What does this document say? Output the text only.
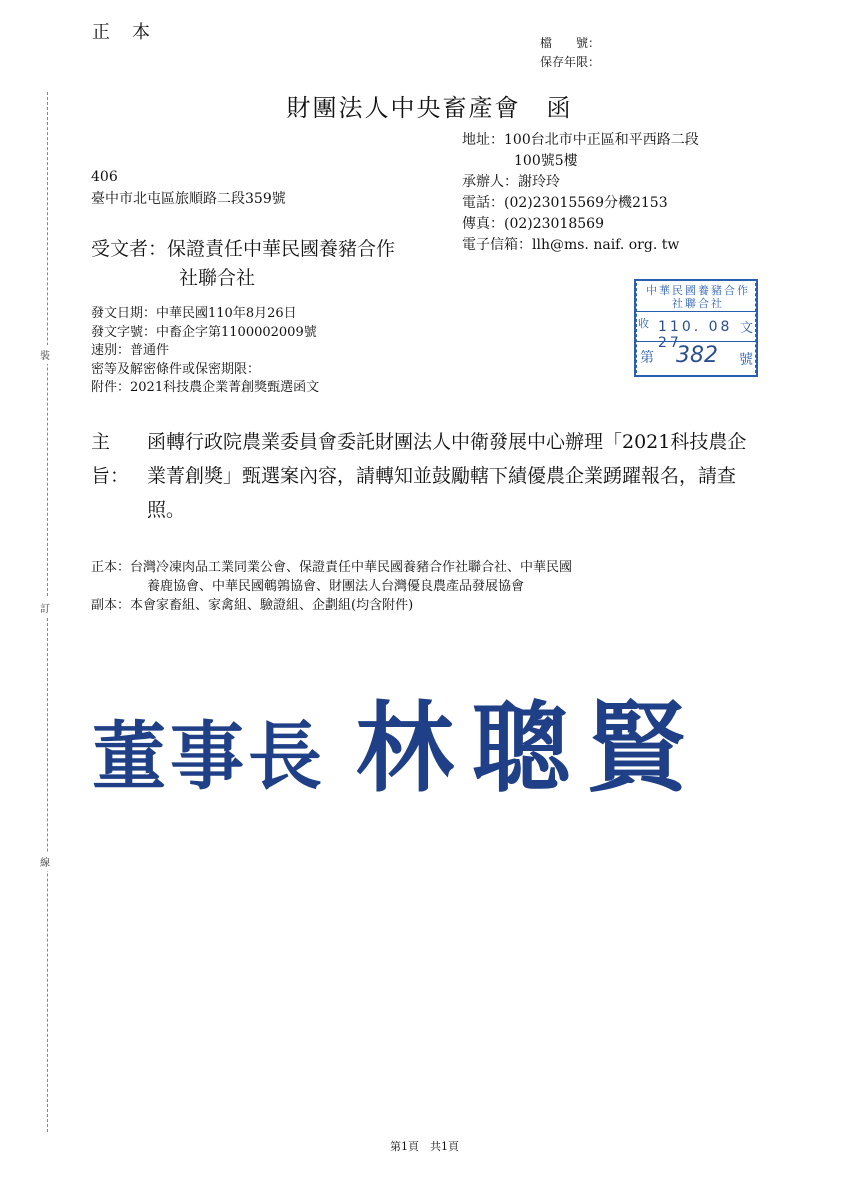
裝
訂
線
正本	檔　　號：
保存年限：
財團法人中央畜產會　函
地址：100台北市中正區和平西路二段
100號5樓
承辦人：謝玲玲
電話：(02)23015569分機2153
傳真：(02)23018569
電子信箱：llh@ms. naif. org. tw
406
臺中市北屯區旅順路二段359號
受文者：保證責任中華民國養豬合作
社聯合社
中華民國養豬合作社聯合社
收 110. 08 27
文
第 382 號
發文日期：中華民國110年8月26日
發文字號：中畜企字第1100002009號
速別：普通件
密等及解密條件或保密期限：
附件：2021科技農企業菁創獎甄選函文
主旨：
函轉行政院農業委員會委託財團法人中衛發展中心辦理「2021科技農企業菁創獎」甄選案內容，請轉知並鼓勵轄下績優農企業踴躍報名，請查照。
正本：台灣冷凍肉品工業同業公會、保證責任中華民國養豬合作社聯合社、中華民國
養鹿協會、中華民國鵪鶉協會、財團法人台灣優良農產品發展協會
副本：本會家畜組、家禽組、驗證組、企劃組(均含附件)
董事長 林聰賢
第1頁　共1頁
